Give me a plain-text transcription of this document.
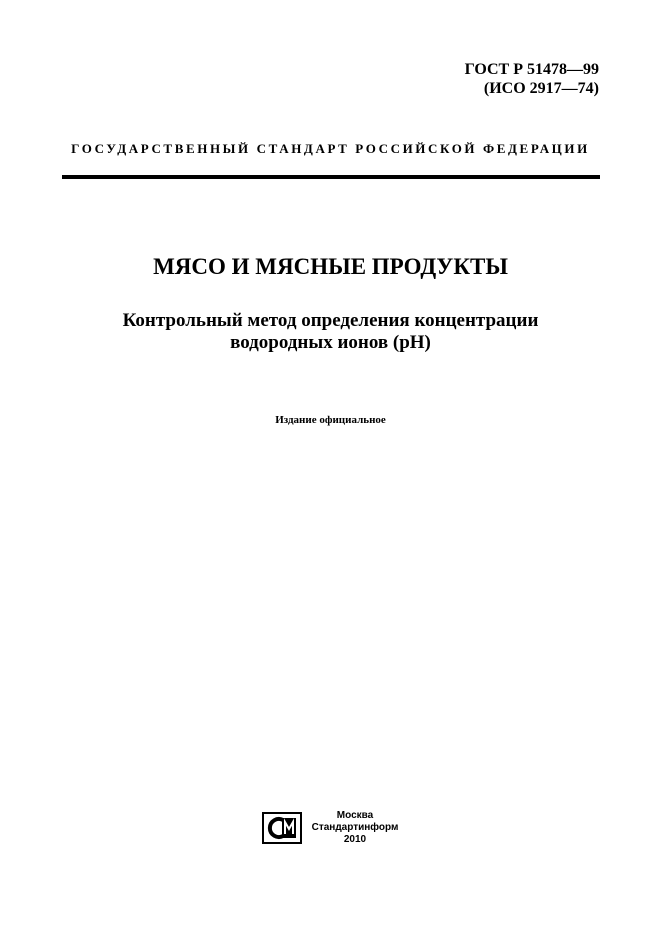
ГОСТ Р 51478—99
(ИСО 2917—74)
ГОСУДАРСТВЕННЫЙ СТАНДАРТ РОССИЙСКОЙ ФЕДЕРАЦИИ
МЯСО И МЯСНЫЕ ПРОДУКТЫ
Контрольный метод определения концентрации
водородных ионов (pH)
Издание официальное
Москва
Стандартинформ
2010
